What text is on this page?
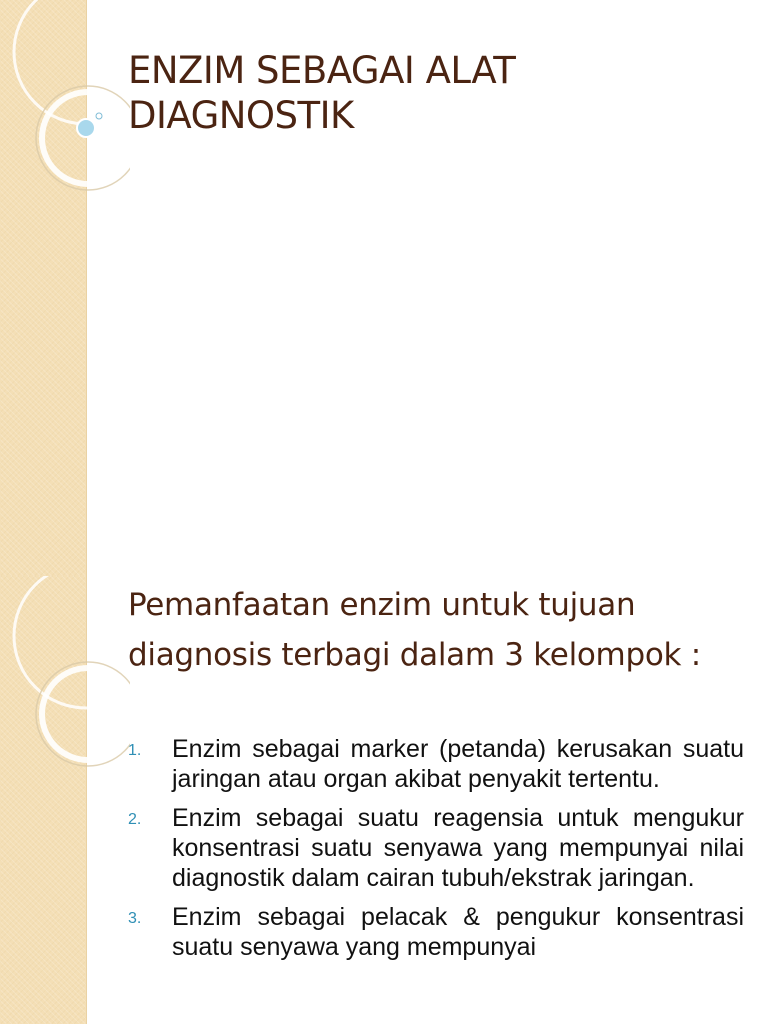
ENZIM SEBAGAI ALAT DIAGNOSTIK
Pemanfaatan enzim untuk tujuan diagnosis terbagi dalam 3 kelompok :
1. Enzim sebagai marker (petanda) kerusakan suatu jaringan atau organ akibat penyakit tertentu.
2. Enzim sebagai suatu reagensia untuk mengukur konsentrasi suatu senyawa yang mempunyai nilai diagnostik dalam cairan tubuh/ekstrak jaringan.
3. Enzim sebagai pelacak & pengukur konsentrasi suatu senyawa yang mempunyai
